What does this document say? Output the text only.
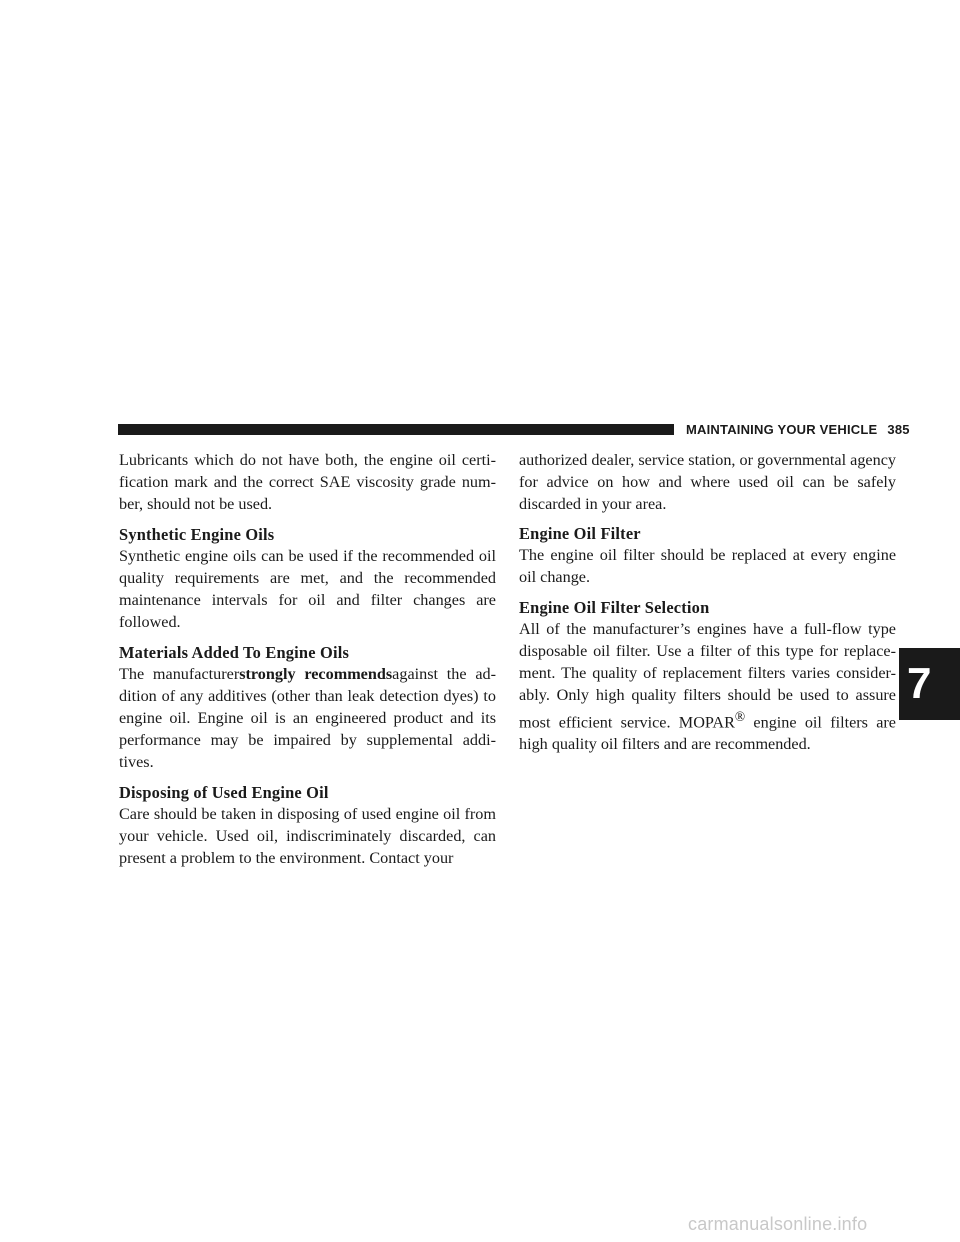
MAINTAINING YOUR VEHICLE 385

Lubricants which do not have both, the engine oil certi- fication mark and the correct SAE viscosity grade num- ber, should not be used.

Synthetic Engine Oils

Synthetic engine oils can be used if the recommended oil quality requirements are met, and the recommended maintenance intervals for oil and filter changes are followed.

Materials Added To Engine Oils

The manufacturerstrongly recommendsagainst the ad- dition of any additives (other than leak detection dyes) to engine oil. Engine oil is an engineered product and its performance may be impaired by supplemental addi- tives.

Disposing of Used Engine Oil

Care should be taken in disposing of used engine oil from your vehicle. Used oil, indiscriminately discarded, can present a problem to the environment. Contact your

authorized dealer, service station, or governmental agency for advice on how and where used oil can be safely discarded in your area.

Engine Oil Filter

The engine oil filter should be replaced at every engine oil change.

Engine Oil Filter Selection

All of the manufacturer’s engines have a full-flow type disposable oil filter. Use a filter of this type for replace- ment. The quality of replacement filters varies consider- ably. Only high quality filters should be used to assure most efficient service. MOPAR® engine oil filters are high quality oil filters and are recommended.

7
carmanualsonline.info
